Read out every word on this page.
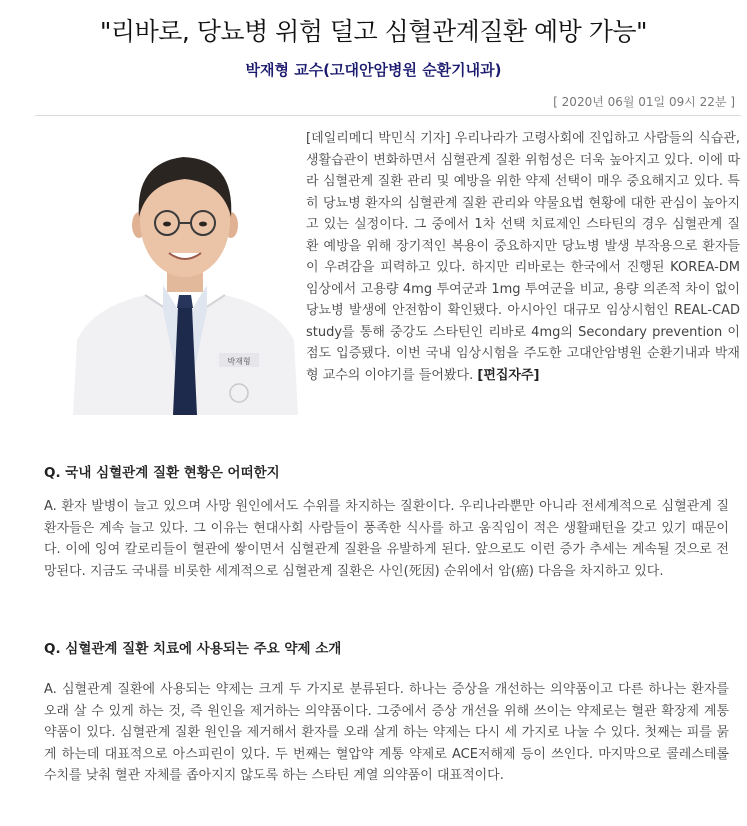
"리바로, 당뇨병 위험 덜고 심혈관계질환 예방 가능"
박재형 교수(고대안암병원 순환기내과)
[ 2020년 06월 01일 09시 22분 ]
박재형
[데일리메디 박민식 기자] 우리나라가 고령사회에 진입하고 사람들의 식습관, 생활습관이 변화하면서 심혈관계 질환 위험성은 더욱 높아지고 있다. 이에 따라 심혈관계 질환 관리 및 예방을 위한 약제 선택이 매우 중요해지고 있다. 특히 당뇨병 환자의 심혈관계 질환 관리와 약물요법 현황에 대한 관심이 높아지고 있는 실정이다. 그 중에서 1차 선택 치료제인 스타틴의 경우 심혈관계 질환 예방을 위해 장기적인 복용이 중요하지만 당뇨병 발생 부작용으로 환자들이 우려감을 피력하고 있다. 하지만 리바로는 한국에서 진행된 KOREA-DM 임상에서 고용량 4mg 투여군과 1mg 투여군을 비교, 용량 의존적 차이 없이 당뇨병 발생에 안전함이 확인됐다. 아시아인 대규모 임상시험인 REAL-CAD study를 통해 중강도 스타틴인 리바로 4mg의 Secondary prevention 이점도 입증됐다. 이번 국내 임상시험을 주도한 고대안암병원 순환기내과 박재형 교수의 이야기를 들어봤다. [편집자주]
Q. 국내 심혈관계 질환 현황은 어떠한지
A. 환자 발병이 늘고 있으며 사망 원인에서도 수위를 차지하는 질환이다. 우리나라뿐만 아니라 전세계적으로 심혈관계 질환자들은 계속 늘고 있다. 그 이유는 현대사회 사람들이 풍족한 식사를 하고 움직임이 적은 생활패턴을 갖고 있기 때문이다. 이에 잉여 칼로리들이 혈관에 쌓이면서 심혈관계 질환을 유발하게 된다. 앞으로도 이런 증가 추세는 계속될 것으로 전망된다. 지금도 국내를 비롯한 세계적으로 심혈관계 질환은 사인(死因) 순위에서 암(癌) 다음을 차지하고 있다.
Q. 심혈관계 질환 치료에 사용되는 주요 약제 소개
A. 심혈관계 질환에 사용되는 약제는 크게 두 가지로 분류된다. 하나는 증상을 개선하는 의약품이고 다른 하나는 환자를 오래 살 수 있게 하는 것, 즉 원인을 제거하는 의약품이다. 그중에서 증상 개선을 위해 쓰이는 약제로는 혈관 확장제 계통 약품이 있다. 심혈관계 질환 원인을 제거해서 환자를 오래 살게 하는 약제는 다시 세 가지로 나눌 수 있다. 첫째는 피를 묽게 하는데 대표적으로 아스피린이 있다. 두 번째는 혈압약 계통 약제로 ACE저해제 등이 쓰인다. 마지막으로 콜레스테롤 수치를 낮춰 혈관 자체를 좁아지지 않도록 하는 스타틴 계열 의약품이 대표적이다.
